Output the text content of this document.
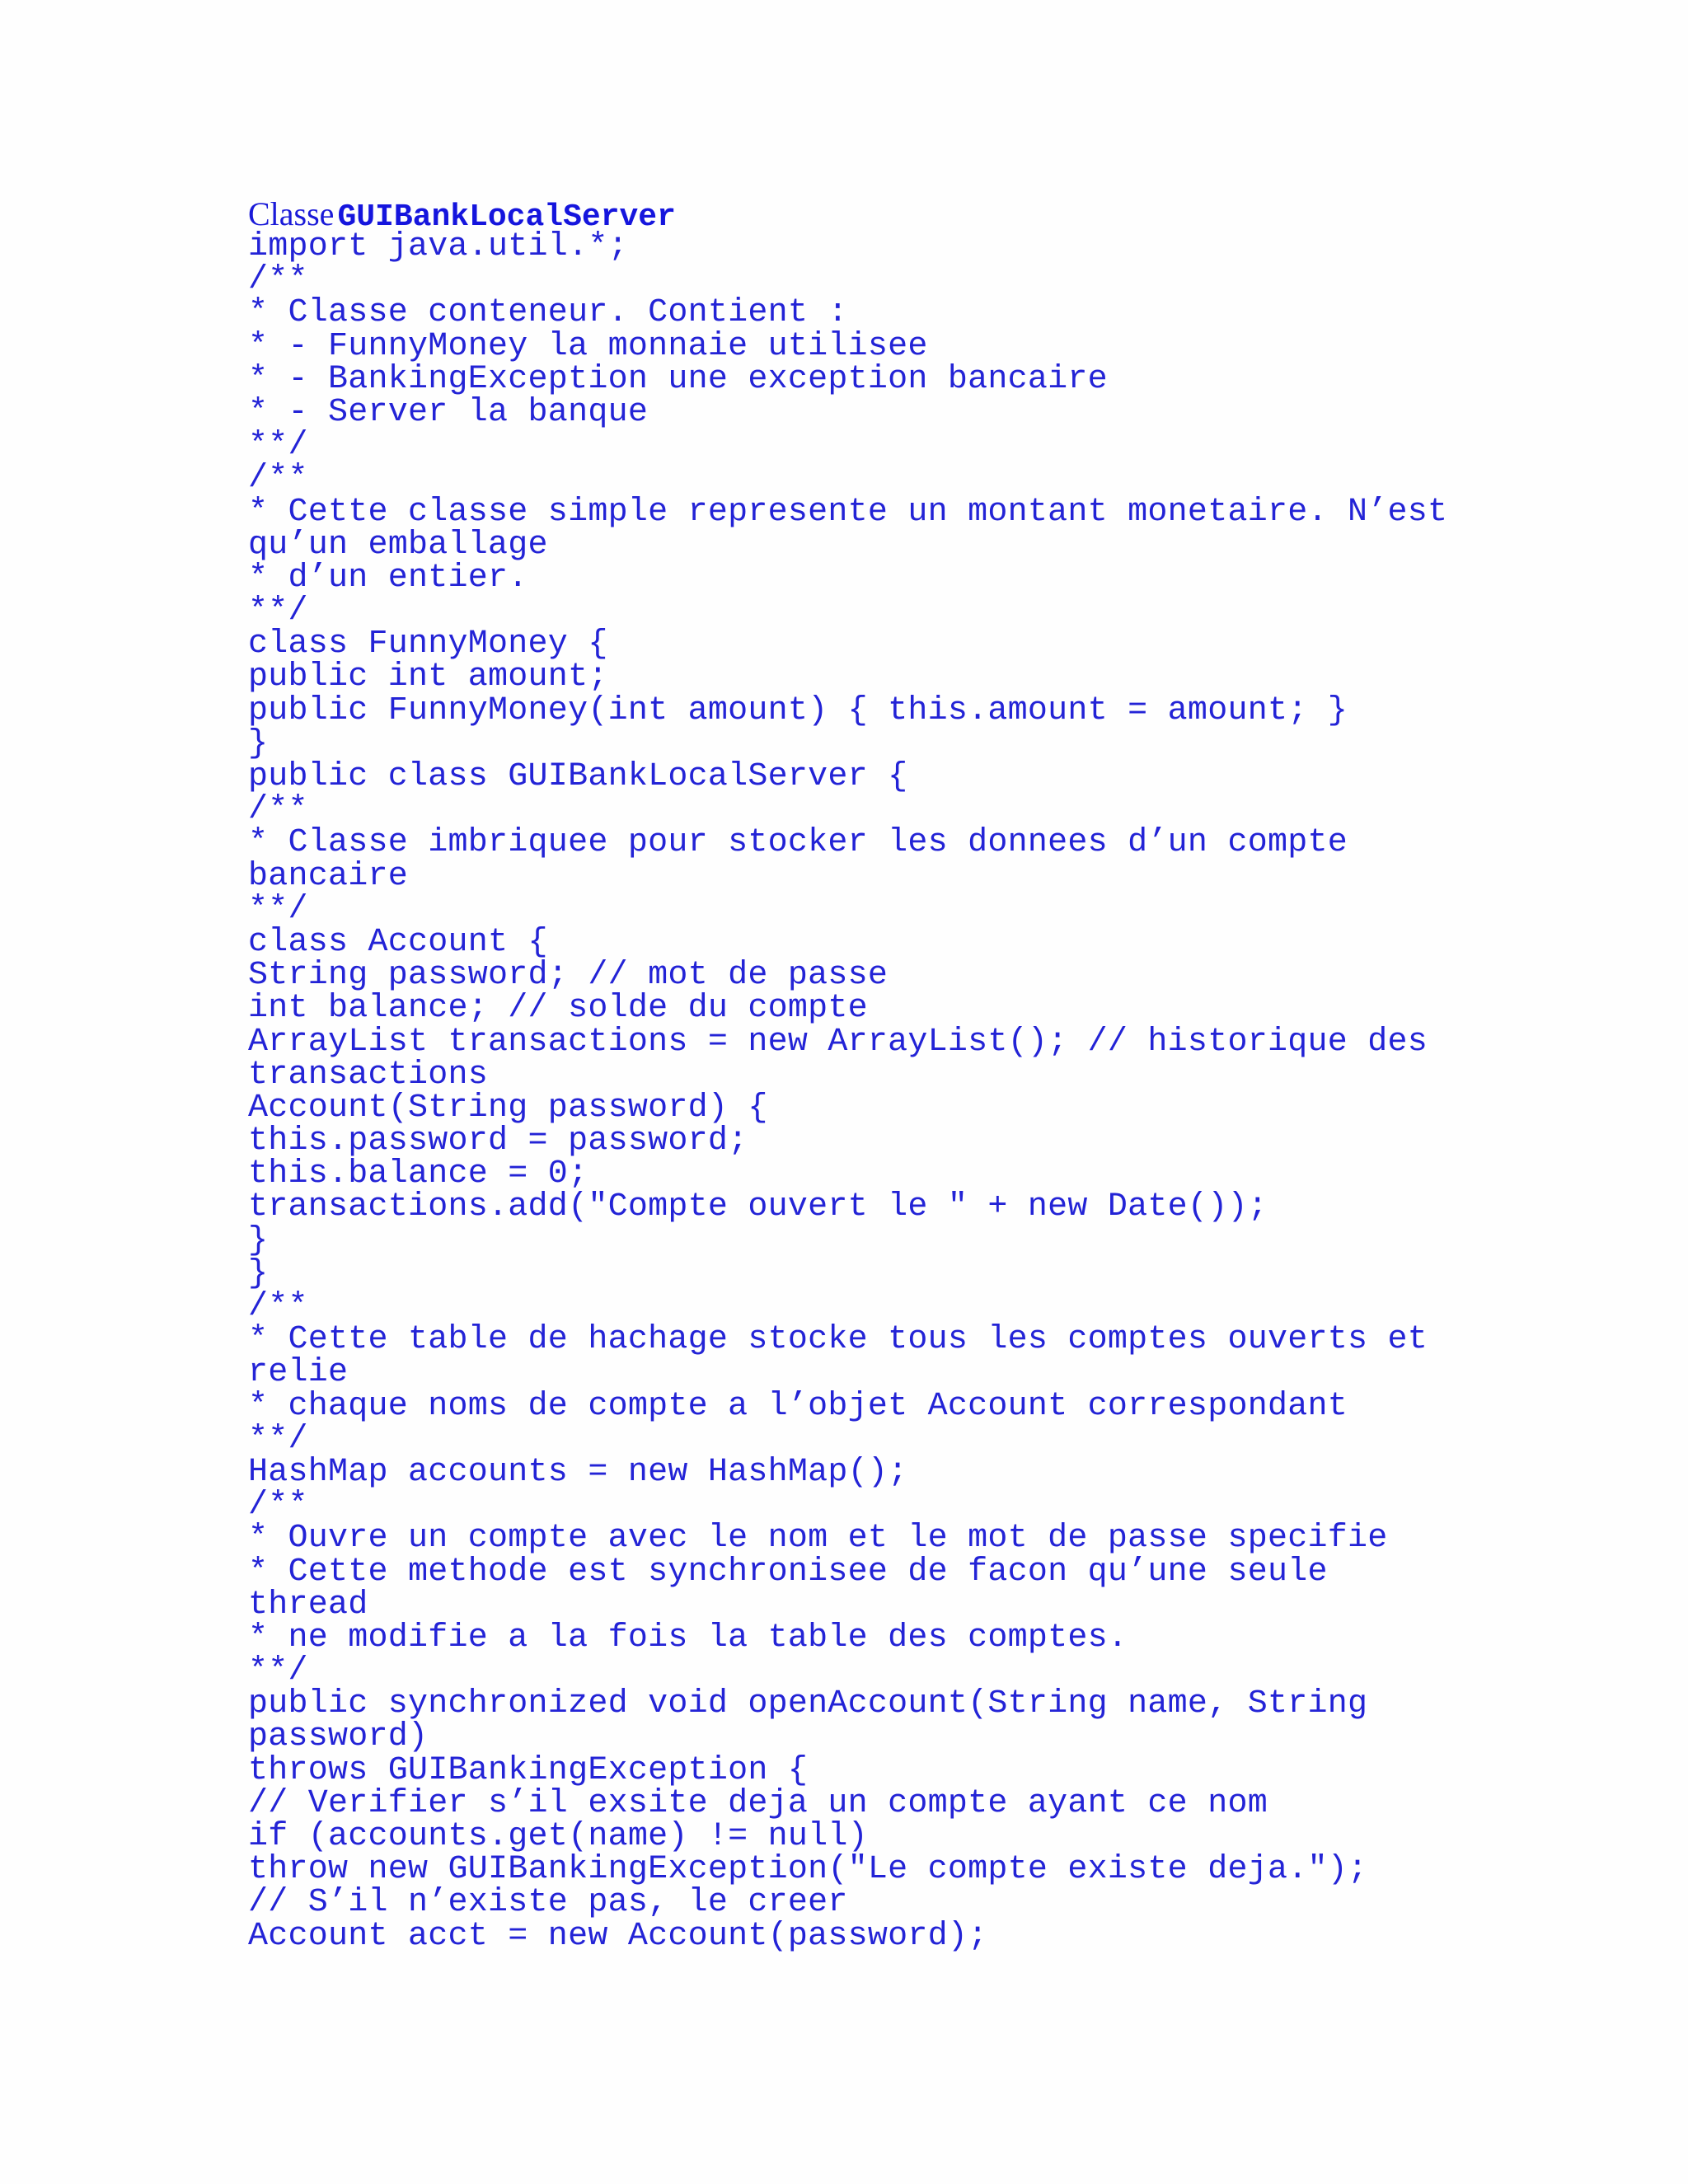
Classe GUIBankLocalServer
import java.util.*;
/**
* Classe conteneur. Contient :
* - FunnyMoney la monnaie utilisee
* - BankingException une exception bancaire
* - Server la banque
**/
/**
* Cette classe simple represente un montant monetaire. N’est
qu’un emballage
* d’un entier.
**/
class FunnyMoney {
public int amount;
public FunnyMoney(int amount) { this.amount = amount; }
}
public class GUIBankLocalServer {
/**
* Classe imbriquee pour stocker les donnees d’un compte
bancaire
**/
class Account {
String password; // mot de passe
int balance; // solde du compte
ArrayList transactions = new ArrayList(); // historique des
transactions
Account(String password) {
this.password = password;
this.balance = 0;
transactions.add("Compte ouvert le " + new Date());
}
}
/**
* Cette table de hachage stocke tous les comptes ouverts et
relie
* chaque noms de compte a l’objet Account correspondant
**/
HashMap accounts = new HashMap();
/**
* Ouvre un compte avec le nom et le mot de passe specifie
* Cette methode est synchronisee de facon qu’une seule
thread
* ne modifie a la fois la table des comptes.
**/
public synchronized void openAccount(String name, String
password)
throws GUIBankingException {
// Verifier s’il exsite deja un compte ayant ce nom
if (accounts.get(name) != null)
throw new GUIBankingException("Le compte existe deja.");
// S’il n’existe pas, le creer
Account acct = new Account(password);
